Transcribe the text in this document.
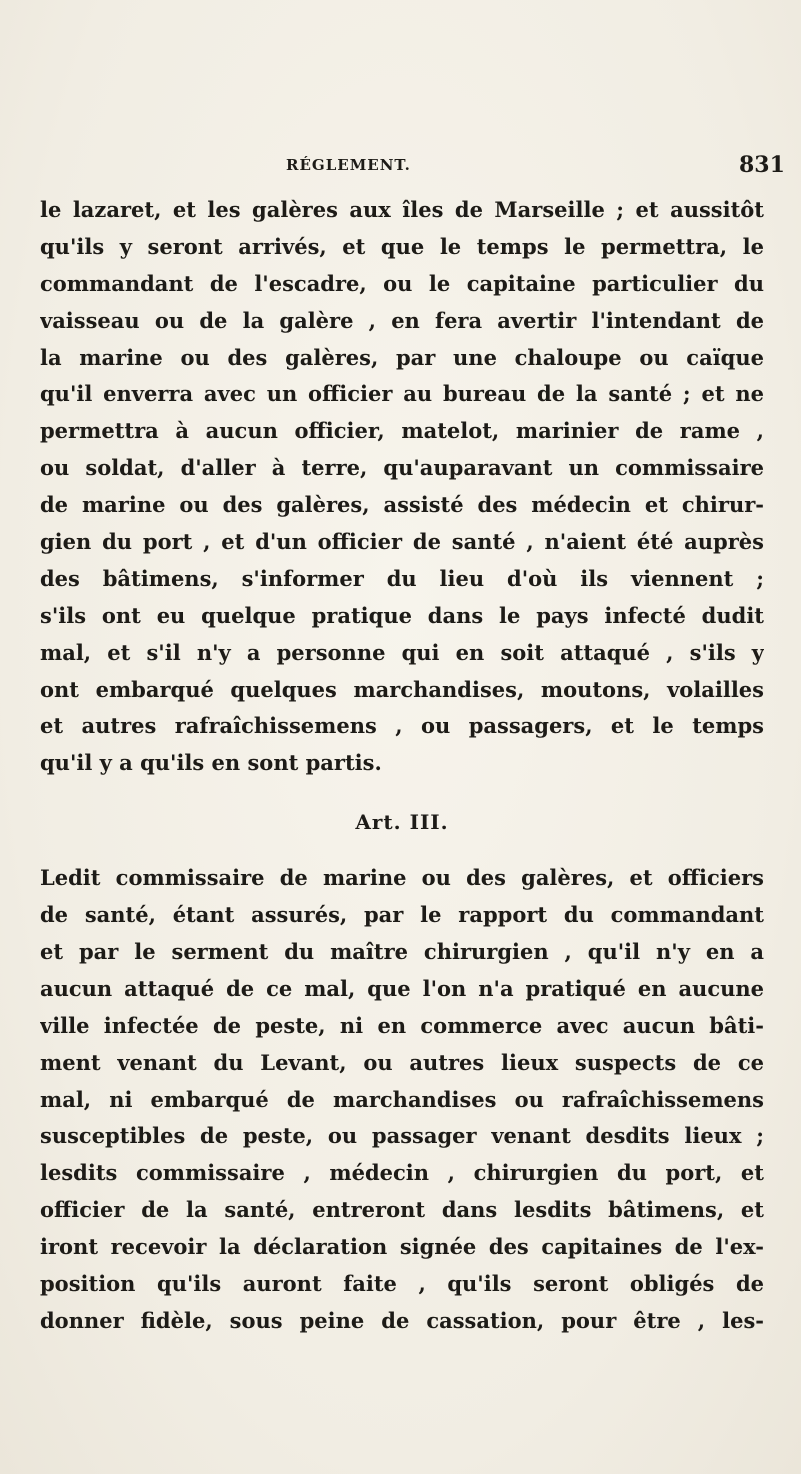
RÉGLEMENT.	831
le lazaret, et les galères aux îles de Marseille ; et aussitôt
qu'ils y seront arrivés, et que le temps le permettra, le
commandant de l'escadre, ou le capitaine particulier du
vaisseau ou de la galère , en fera avertir l'intendant de
la marine ou des galères, par une chaloupe ou caïque
qu'il enverra avec un officier au bureau de la santé ; et ne
permettra à aucun officier, matelot, marinier de rame ,
ou soldat, d'aller à terre, qu'auparavant un commissaire
de marine ou des galères, assisté des médecin et chirur-
gien du port , et d'un officier de santé , n'aient été auprès
des bâtimens, s'informer du lieu d'où ils viennent ;
s'ils ont eu quelque pratique dans le pays infecté dudit
mal, et s'il n'y a personne qui en soit attaqué , s'ils y
ont embarqué quelques marchandises, moutons, volailles
et autres rafraîchissemens , ou passagers, et le temps
qu'il y a qu'ils en sont partis.
Art. III.
Ledit commissaire de marine ou des galères, et officiers
de santé, étant assurés, par le rapport du commandant
et par le serment du maître chirurgien , qu'il n'y en a
aucun attaqué de ce mal, que l'on n'a pratiqué en aucune
ville infectée de peste, ni en commerce avec aucun bâti-
ment venant du Levant, ou autres lieux suspects de ce
mal, ni embarqué de marchandises ou rafraîchissemens
susceptibles de peste, ou passager venant desdits lieux ;
lesdits commissaire , médecin , chirurgien du port, et
officier de la santé, entreront dans lesdits bâtimens, et
iront recevoir la déclaration signée des capitaines de l'ex-
position qu'ils auront faite , qu'ils seront obligés de
donner fidèle, sous peine de cassation, pour être , les-
